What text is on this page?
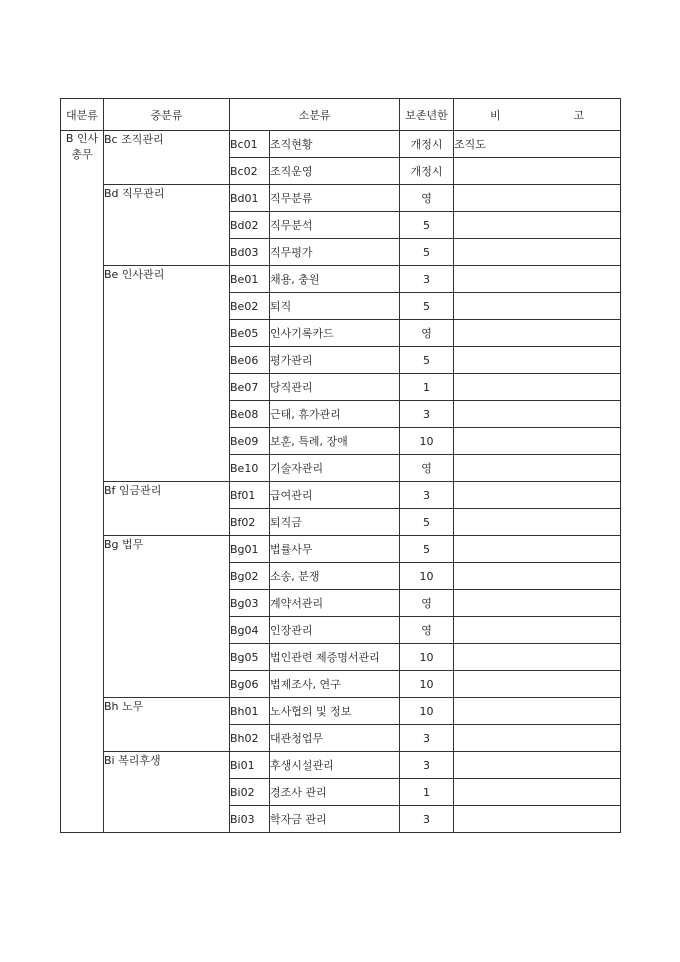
대분류	중분류	소분류		보존년한	비 고

B 인사
총무	Bc 조직관리	Bc01	조직현황	개정시	조직도
		Bc02	조직운영	개정시	
	Bd 직무관리	Bd01	직무분류	영	
		Bd02	직무분석	5	
		Bd03	직무평가	5	
	Be 인사관리	Be01	채용, 충원	3	
		Be02	퇴직	5	
		Be05	인사기록카드	영	
		Be06	평가관리	5	
		Be07	당직관리	1	
		Be08	근태, 휴가관리	3	
		Be09	보훈, 특례, 장애	10	
		Be10	기술자관리	영	
	Bf 임금관리	Bf01	급여관리	3	
		Bf02	퇴직금	5	
	Bg 법무	Bg01	법률사무	5	
		Bg02	소송, 분쟁	10	
		Bg03	계약서관리	영	
		Bg04	인장관리	영	
		Bg05	법인관련 제증명서관리	10	
		Bg06	법제조사, 연구	10	
	Bh 노무	Bh01	노사협의 및 정보	10	
		Bh02	대관청업무	3	
	Bi 복리후생	Bi01	후생시설관리	3	
		Bi02	경조사 관리	1	
		Bi03	학자금 관리	3	
